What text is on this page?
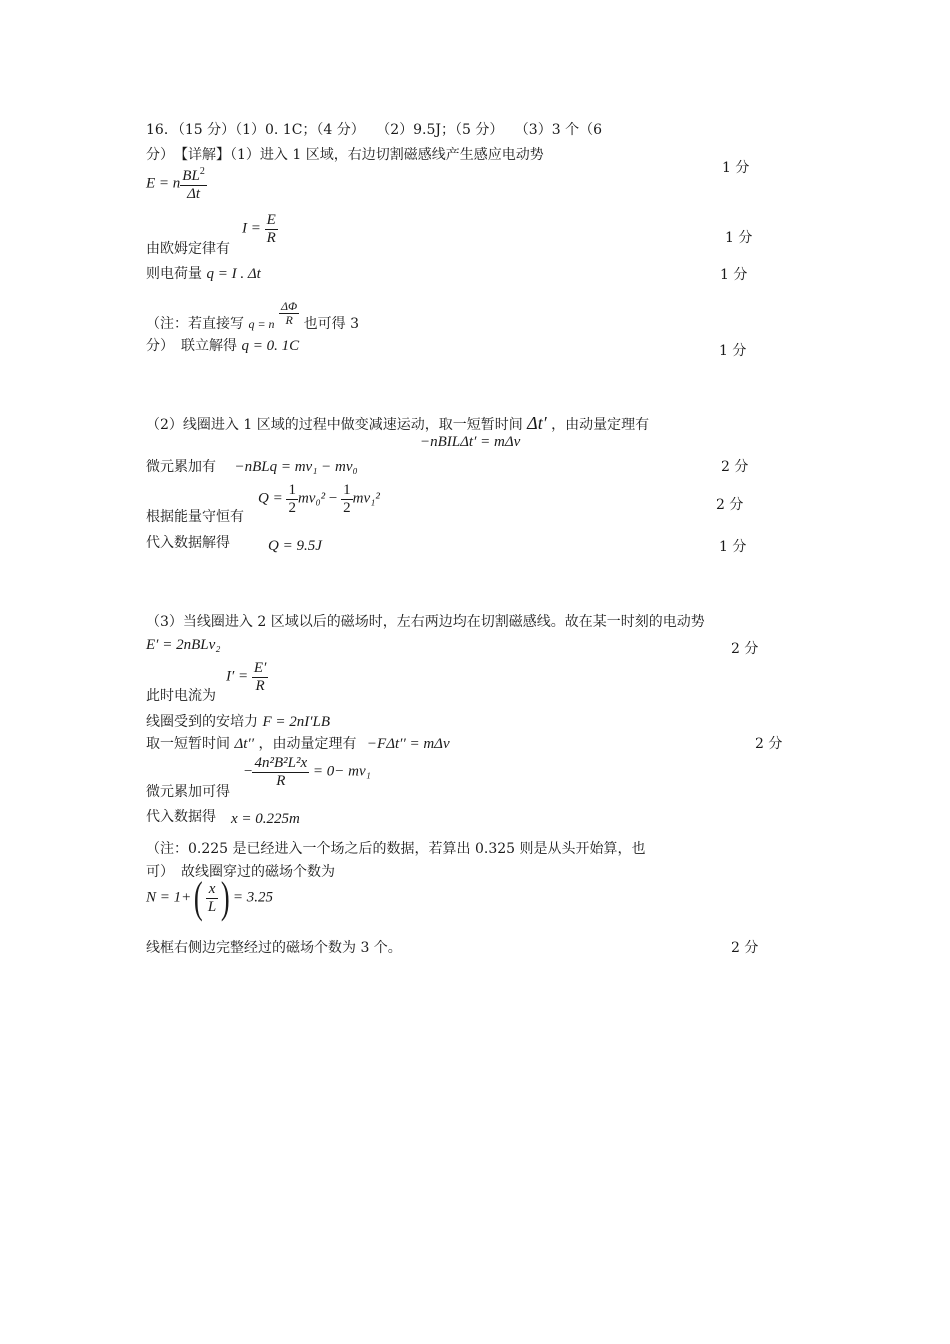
16．（15 分）（1）0. 1C；（4 分）　 （2）9.5J；（5 分）　 （3）3 个（6
分）　【详解】（1）进入 1 区域，右边切割磁感线产生感应电动势
1 分
E = n $\frac{BL^2}{\Delta t}$
由欧姆定律有
$I = \frac{E}{R}$	1 分
则电荷量 q = I . Δt	1 分
（注：若直接写 q = n $\frac{\Delta\Phi}{R}$ 也可得 3
分）　联立解得 q = 0. 1C	1 分
（2）线圈进入 1 区域的过程中做变减速运动，取一短暂时间 Δt′ ，由动量定理有
−nBILΔt′ = mΔv
微元累加有 −nBLq = mv₁ − mv₀	2 分
根据能量守恒有
$Q = \frac{1}{2} mv_0^2 - \frac{1}{2} mv_1^2$	2 分
代入数据解得	Q = 9.5J	1 分
（3）当线圈进入 2 区域以后的磁场时，左右两边均在切割磁感线。故在某一时刻的电动势
E′ = 2nBLv₂	2 分
此时电流为
$I' = \frac{E'}{R}$
线圈受到的安培力 F = 2nI′LB
取一短暂时间 Δt′′ ，由动量定理有 −FΔt′′ = mΔv	2 分
微元累加可得
− $\frac{\text{4n²B²L²x}}{R} = 0- mv_1$
代入数据得 x = 0.225m
（注：0.225 是已经进入一个场之后的数据，若算出 0.325 则是从头开始算，也
可）　故线圈穿过的磁场个数为
$N = 1+( \frac{x}{L}$ ) = 3.25
线框右侧边完整经过的磁场个数为 3 个。	2 分
